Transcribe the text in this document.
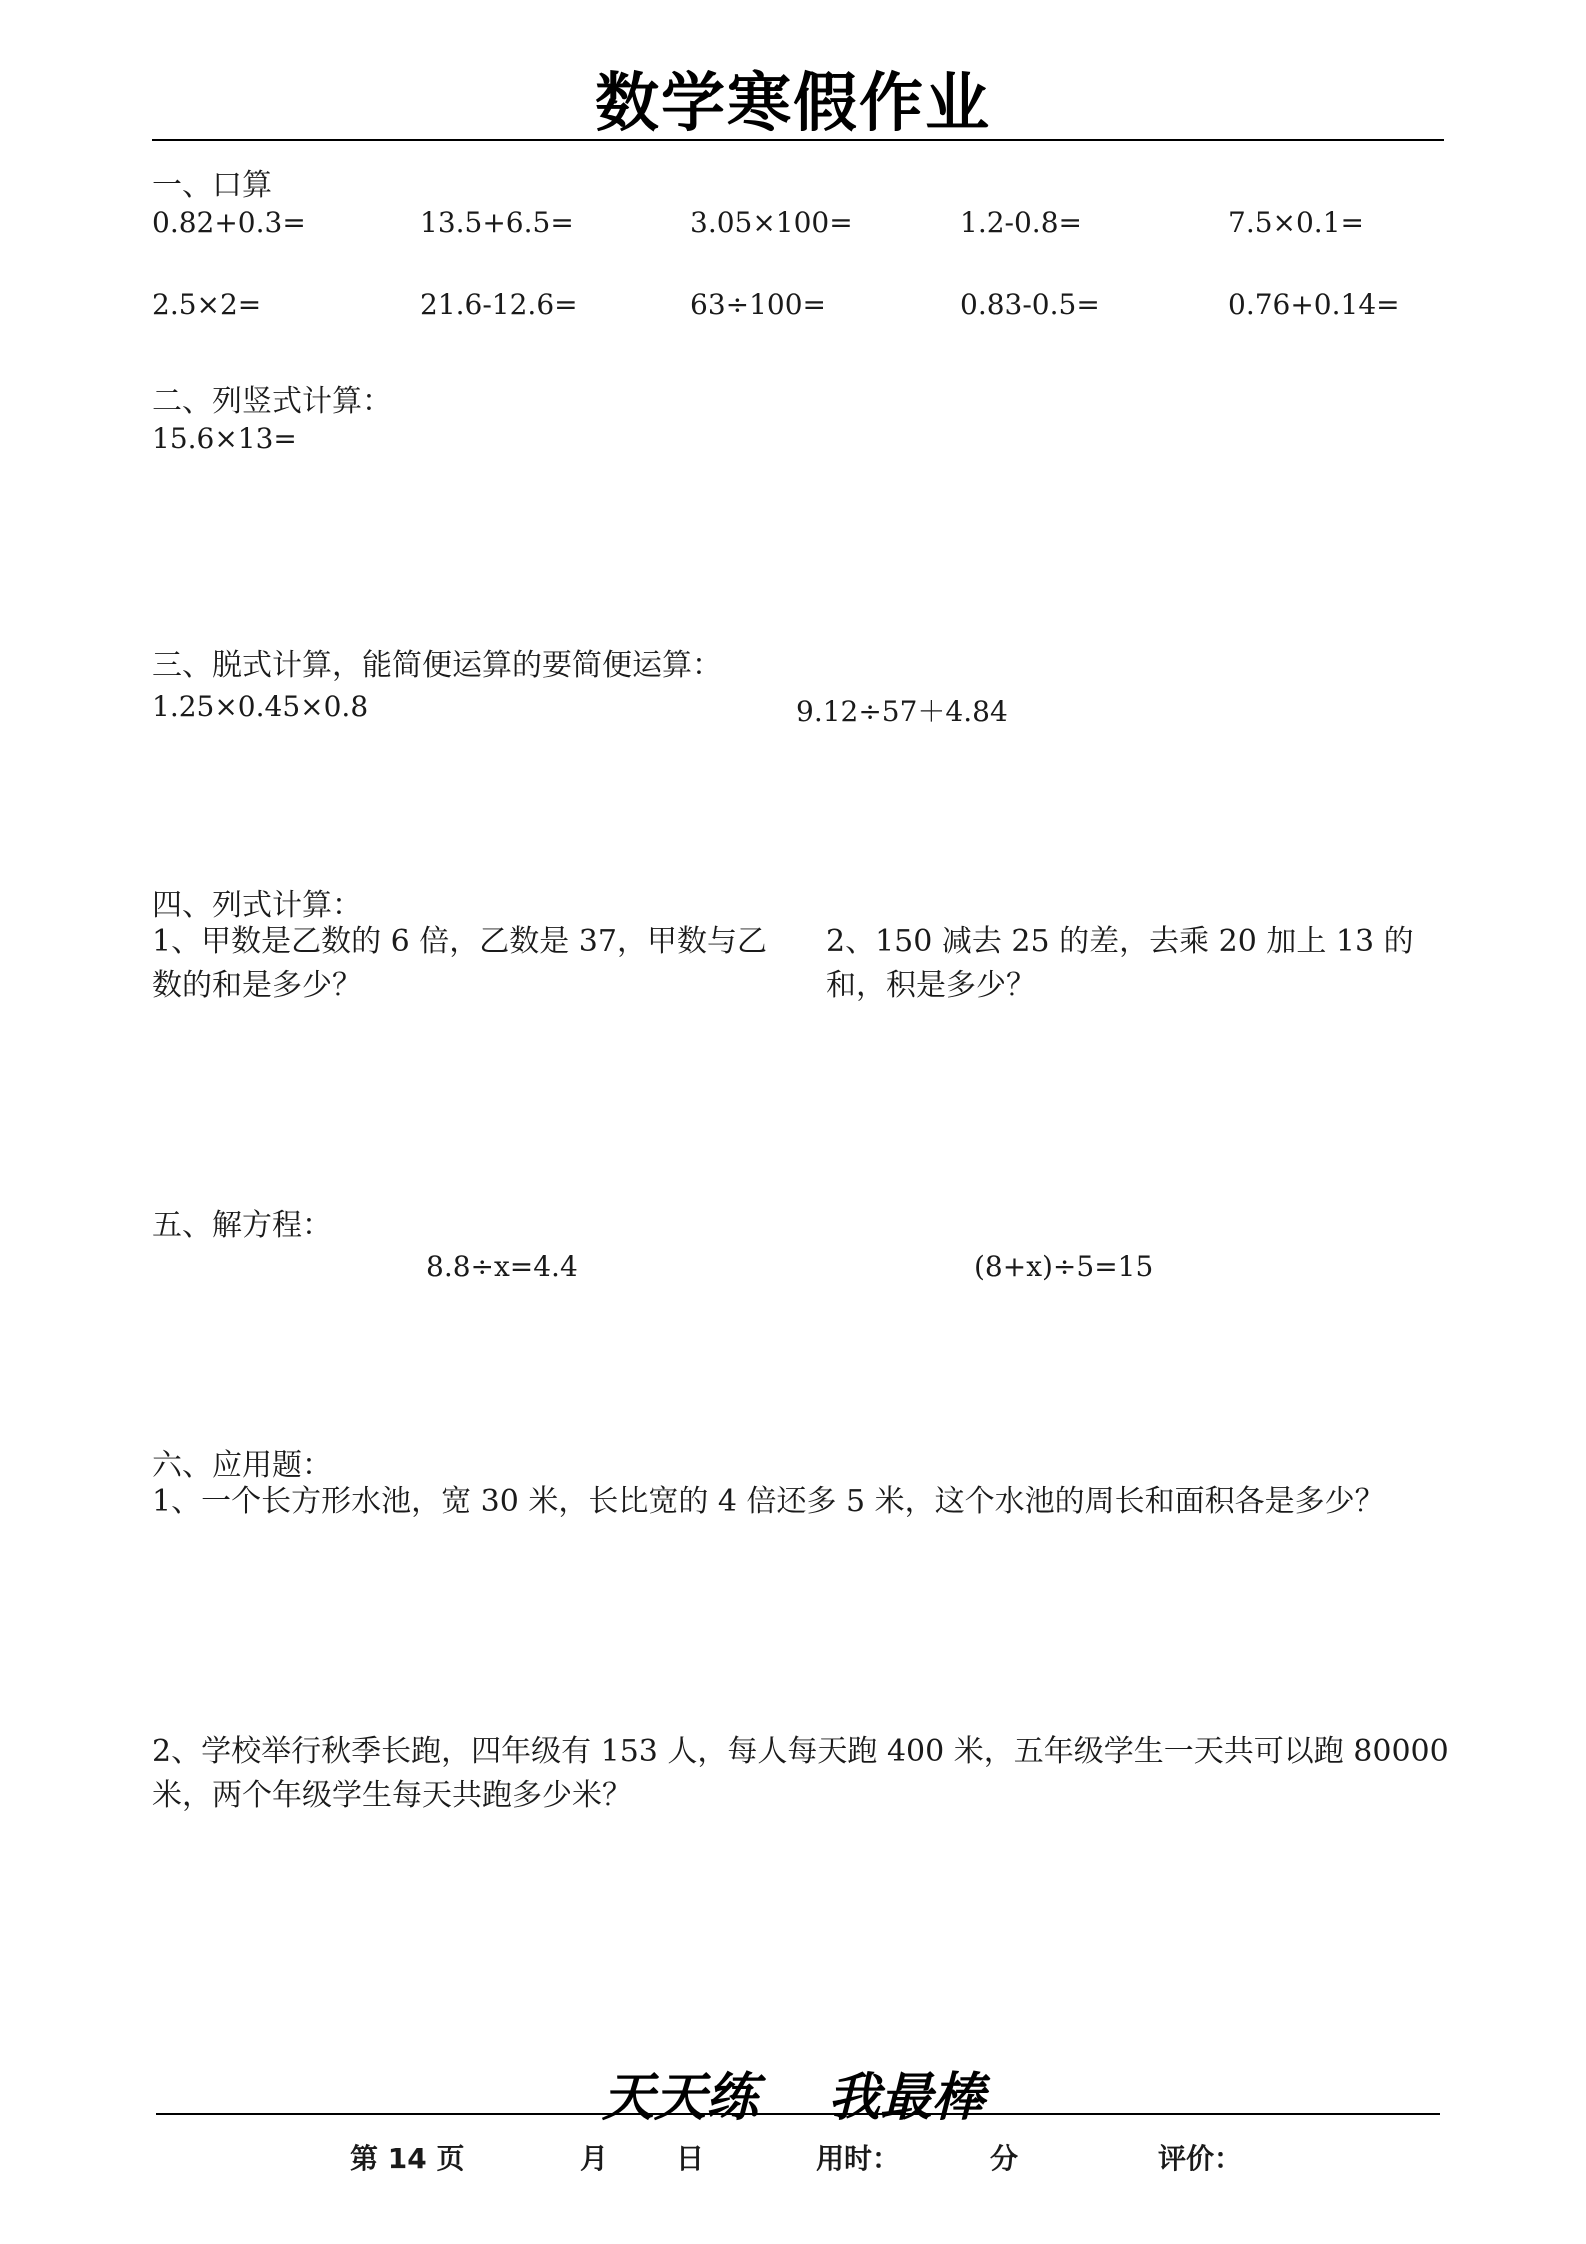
数学寒假作业
一、口算
0.82+0.3=	13.5+6.5=	3.05×100=	1.2-0.8=	7.5×0.1=
2.5×2=	21.6-12.6=	63÷100=	0.83-0.5=	0.76+0.14=
二、列竖式计算：
15.6×13=
三、脱式计算，能简便运算的要简便运算：
1.25×0.45×0.8	9.12÷57＋4.84
四、列式计算：
1、甲数是乙数的 6 倍，乙数是 37，甲数与乙数的和是多少？
2、150 减去 25 的差，去乘 20 加上 13 的和，积是多少？
五、解方程：
8.8÷x=4.4	(8+x)÷5=15
六、应用题：
1、一个长方形水池，宽 30 米，长比宽的 4 倍还多 5 米，这个水池的周长和面积各是多少？
2、学校举行秋季长跑，四年级有 153 人，每人每天跑 400 米，五年级学生一天共可以跑 80000 米，两个年级学生每天共跑多少米？
天天练 我最棒
第 14 页	月 日	用时：	分	评价：
